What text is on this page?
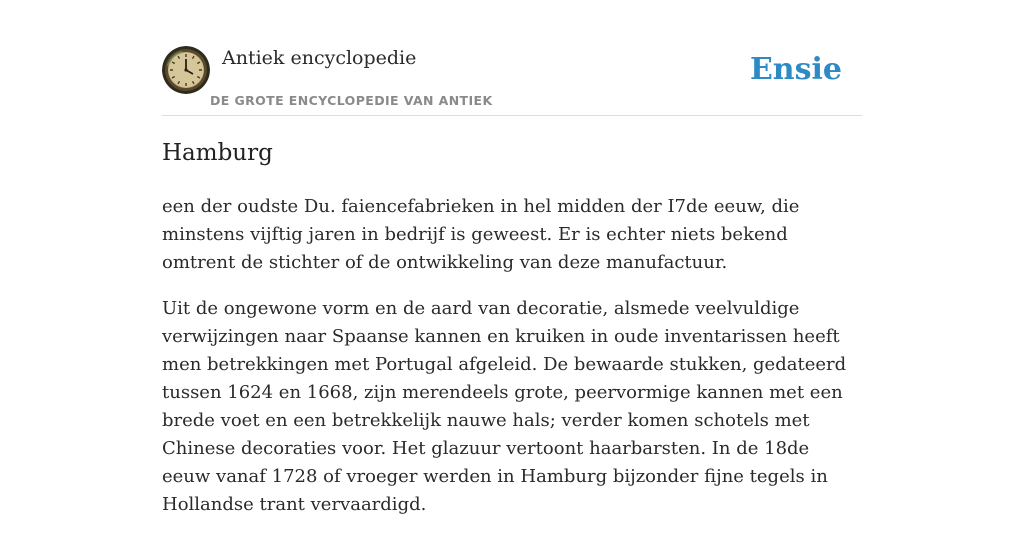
Antiek encyclopedie
DE GROTE ENCYCLOPEDIE VAN ANTIEK
Ensie
Hamburg

een der oudste Du. faiencefabrieken in hel midden der I7de eeuw, die minstens vijftig jaren in bedrijf is geweest. Er is echter niets bekend omtrent de stichter of de ontwikkeling van deze manufactuur.

Uit de ongewone vorm en de aard van decoratie, alsmede veelvuldige verwijzingen naar Spaanse kannen en kruiken in oude inventarissen heeft men betrekkingen met Portugal afgeleid. De bewaarde stukken, gedateerd tussen 1624 en 1668, zijn merendeels grote, peervormige kannen met een brede voet en een betrekkelijk nauwe hals; verder komen schotels met Chinese decoraties voor. Het glazuur vertoont haarbarsten. In de 18de eeuw vanaf 1728 of vroeger werden in Hamburg bijzonder fijne tegels in Hollandse trant vervaardigd.
